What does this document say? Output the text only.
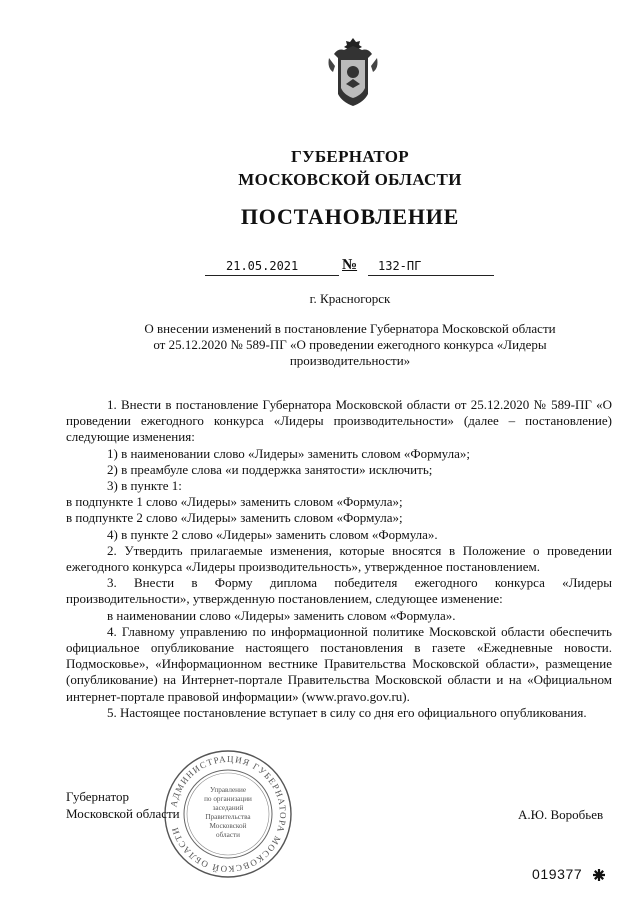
ГУБЕРНАТОР
МОСКОВСКОЙ ОБЛАСТИ
ПОСТАНОВЛЕНИЕ
21.05.2021	№ 132-ПГ
г. Красногорск
О внесении изменений в постановление Губернатора Московской области
от 25.12.2020 № 589-ПГ «О проведении ежегодного конкурса «Лидеры
производительности»

1. Внести в постановление Губернатора Московской области от 25.12.2020 № 589-ПГ «О проведении ежегодного конкурса «Лидеры производительности» (далее – постановление) следующие изменения:

1) в наименовании слово «Лидеры» заменить словом «Формула»;

2) в преамбуле слова «и поддержка занятости» исключить;

3) в пункте 1:

в подпункте 1 слово «Лидеры» заменить словом «Формула»;

в подпункте 2 слово «Лидеры» заменить словом «Формула»;

4) в пункте 2 слово «Лидеры» заменить словом «Формула».

2. Утвердить прилагаемые изменения, которые вносятся в Положение о проведении ежегодного конкурса «Лидеры производительность», утвержденное постановлением.

3. Внести в Форму диплома победителя ежегодного конкурса «Лидеры производительности», утвержденную постановлением, следующее изменение:

в наименовании слово «Лидеры» заменить словом «Формула».

4. Главному управлению по информационной политике Московской области обеспечить официальное опубликование настоящего постановления в газете «Ежедневные новости. Подмосковье», «Информационном вестнике Правительства Московской области», размещение (опубликование) на Интернет-портале Правительства Московской области и на «Официальном интернет-портале правовой информации» (www.pravo.gov.ru).

5. Настоящее постановление вступает в силу со дня его официального опубликования.

АДМИНИСТРАЦИЯ ГУБЕРНАТОРА МОСКОВСКОЙ ОБЛАСТИ
Управление
по организации
заседаний
Правительства
Московской
области
Губернатор
Московской области	А.Ю. Воробьев
019377
